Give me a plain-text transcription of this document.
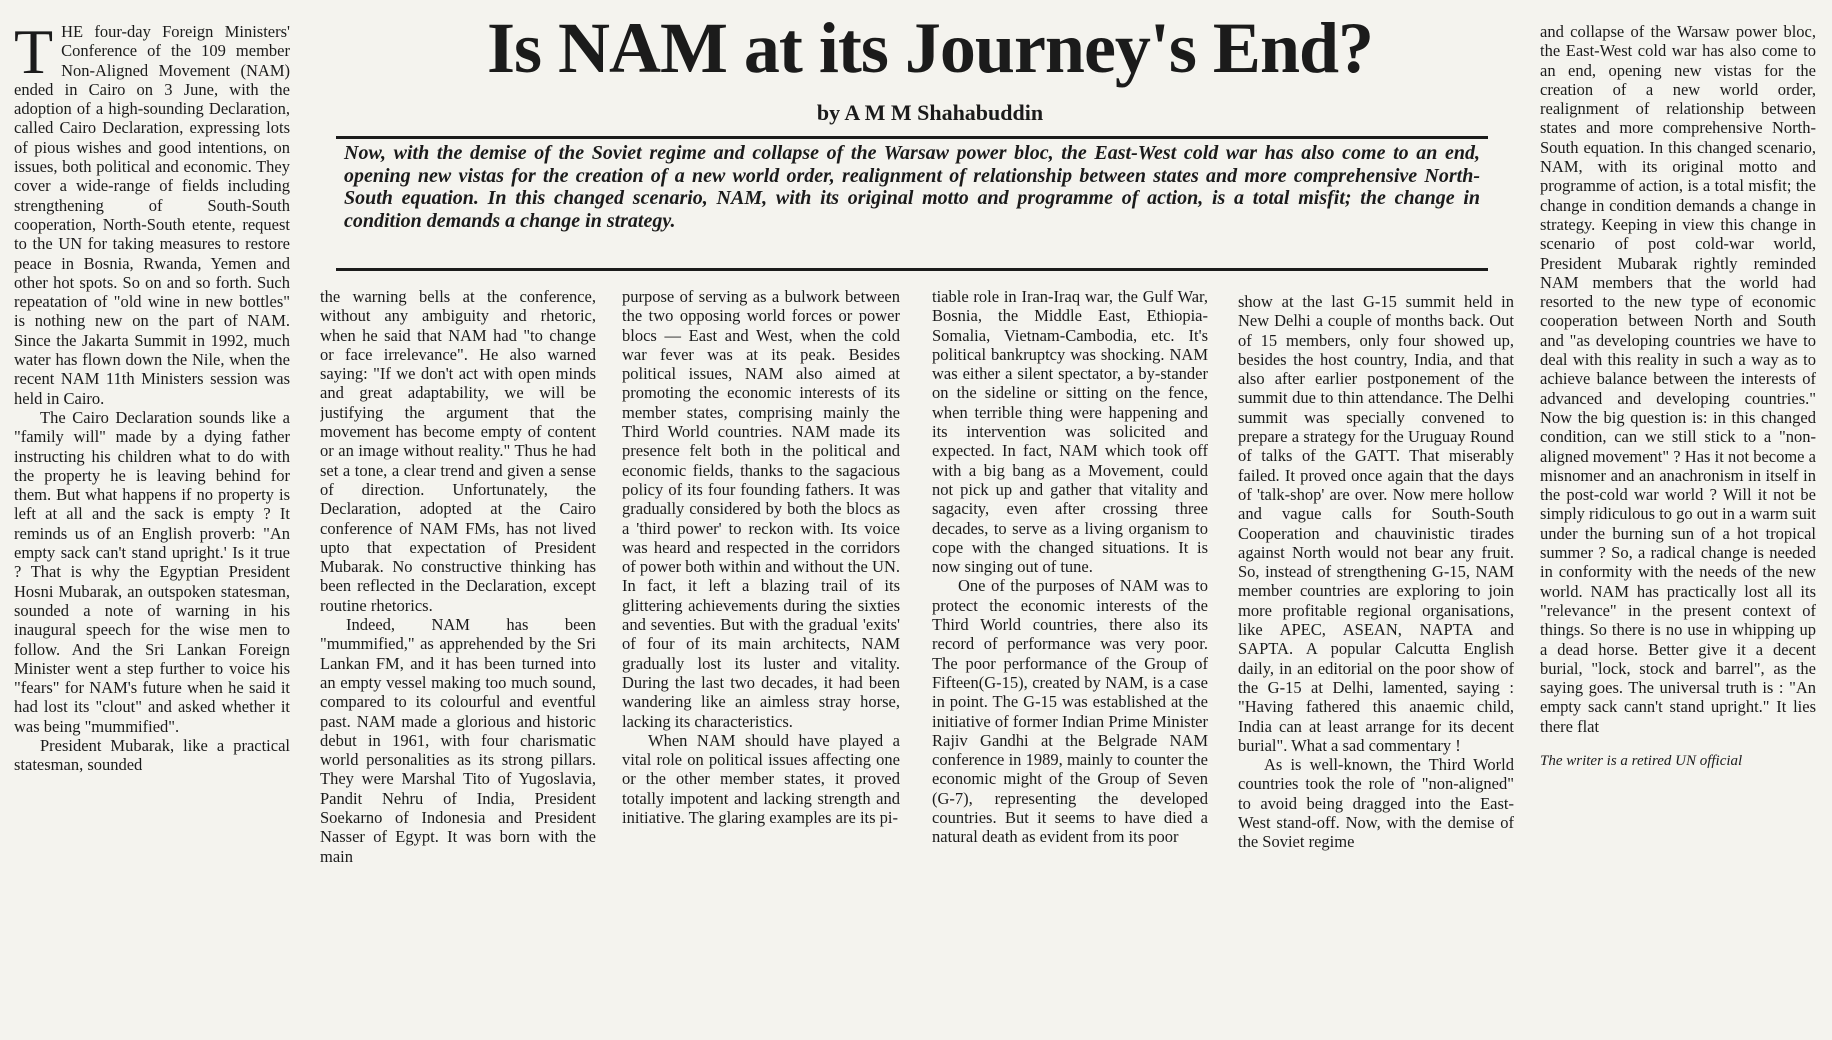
Is NAM at its Journey's End?
by A M M Shahabuddin
Now, with the demise of the Soviet regime and collapse of the Warsaw power bloc, the East-West cold war has also come to an end, opening new vistas for the creation of a new world order, realignment of relationship between states and more comprehensive North-South equation. In this changed scenario, NAM, with its original motto and programme of action, is a total misfit; the change in condition demands a change in strategy.

THE four-day Foreign Ministers' Conference of the 109 member Non-Aligned Movement (NAM) ended in Cairo on 3 June, with the adoption of a high-sounding Declaration, called Cairo Declaration, expressing lots of pious wishes and good intentions, on issues, both political and economic. They cover a wide-range of fields including strengthening of South-South cooperation, North-South etente, request to the UN for taking measures to restore peace in Bosnia, Rwanda, Yemen and other hot spots. So on and so forth. Such repeatation of "old wine in new bottles" is nothing new on the part of NAM. Since the Jakarta Summit in 1992, much water has flown down the Nile, when the recent NAM 11th Ministers session was held in Cairo.

The Cairo Declaration sounds like a "family will" made by a dying father instructing his children what to do with the property he is leaving behind for them. But what happens if no property is left at all and the sack is empty ? It reminds us of an English proverb: "An empty sack can't stand upright.' Is it true ? That is why the Egyptian President Hosni Mubarak, an outspoken statesman, sounded a note of warning in his inaugural speech for the wise men to follow. And the Sri Lankan Foreign Minister went a step further to voice his "fears" for NAM's future when he said it had lost its "clout" and asked whether it was being "mummified".

President Mubarak, like a practical statesman, sounded

the warning bells at the conference, without any ambiguity and rhetoric, when he said that NAM had "to change or face irrelevance". He also warned saying: "If we don't act with open minds and great adaptability, we will be justifying the argument that the movement has become empty of content or an image without reality." Thus he had set a tone, a clear trend and given a sense of direction. Unfortunately, the Declaration, adopted at the Cairo conference of NAM FMs, has not lived upto that expectation of President Mubarak. No constructive thinking has been reflected in the Declaration, except routine rhetorics.

Indeed, NAM has been "mummified," as apprehended by the Sri Lankan FM, and it has been turned into an empty vessel making too much sound, compared to its colourful and eventful past. NAM made a glorious and historic debut in 1961, with four charismatic world personalities as its strong pillars. They were Marshal Tito of Yugoslavia, Pandit Nehru of India, President Soekarno of Indonesia and President Nasser of Egypt. It was born with the main

purpose of serving as a bulwork between the two opposing world forces or power blocs — East and West, when the cold war fever was at its peak. Besides political issues, NAM also aimed at promoting the economic interests of its member states, comprising mainly the Third World countries. NAM made its presence felt both in the political and economic fields, thanks to the sagacious policy of its four founding fathers. It was gradually considered by both the blocs as a 'third power' to reckon with. Its voice was heard and respected in the corridors of power both within and without the UN. In fact, it left a blazing trail of its glittering achievements during the sixties and seventies. But with the gradual 'exits' of four of its main architects, NAM gradually lost its luster and vitality. During the last two decades, it had been wandering like an aimless stray horse, lacking its characteristics.

When NAM should have played a vital role on political issues affecting one or the other member states, it proved totally impotent and lacking strength and initiative. The glaring examples are its pi-

tiable role in Iran-Iraq war, the Gulf War, Bosnia, the Middle East, Ethiopia-Somalia, Vietnam-Cambodia, etc. It's political bankruptcy was shocking. NAM was either a silent spectator, a by-stander on the sideline or sitting on the fence, when terrible thing were happening and its intervention was solicited and expected. In fact, NAM which took off with a big bang as a Movement, could not pick up and gather that vitality and sagacity, even after crossing three decades, to serve as a living organism to cope with the changed situations. It is now singing out of tune.

One of the purposes of NAM was to protect the economic interests of the Third World countries, there also its record of performance was very poor. The poor performance of the Group of Fifteen(G-15), created by NAM, is a case in point. The G-15 was established at the initiative of former Indian Prime Minister Rajiv Gandhi at the Belgrade NAM conference in 1989, mainly to counter the economic might of the Group of Seven (G-7), representing the developed countries. But it seems to have died a natural death as evident from its poor

show at the last G-15 summit held in New Delhi a couple of months back. Out of 15 members, only four showed up, besides the host country, India, and that also after earlier postponement of the summit due to thin attendance. The Delhi summit was specially convened to prepare a strategy for the Uruguay Round of talks of the GATT. That miserably failed. It proved once again that the days of 'talk-shop' are over. Now mere hollow and vague calls for South-South Cooperation and chauvinistic tirades against North would not bear any fruit. So, instead of strengthening G-15, NAM member countries are exploring to join more profitable regional organisations, like APEC, ASEAN, NAPTA and SAPTA. A popular Calcutta English daily, in an editorial on the poor show of the G-15 at Delhi, lamented, saying : "Having fathered this anaemic child, India can at least arrange for its decent burial". What a sad commentary !

As is well-known, the Third World countries took the role of "non-aligned" to avoid being dragged into the East-West stand-off. Now, with the demise of the Soviet regime

and collapse of the Warsaw power bloc, the East-West cold war has also come to an end, opening new vistas for the creation of a new world order, realignment of relationship between states and more comprehensive North-South equation. In this changed scenario, NAM, with its original motto and programme of action, is a total misfit; the change in condition demands a change in strategy. Keeping in view this change in scenario of post cold-war world, President Mubarak rightly reminded NAM members that the world had resorted to the new type of economic cooperation between North and South and "as developing countries we have to deal with this reality in such a way as to achieve balance between the interests of advanced and developing countries." Now the big question is: in this changed condition, can we still stick to a "non-aligned movement" ? Has it not become a misnomer and an anachronism in itself in the post-cold war world ? Will it not be simply ridiculous to go out in a warm suit under the burning sun of a hot tropical summer ? So, a radical change is needed in conformity with the needs of the new world. NAM has practically lost all its "relevance" in the present context of things. So there is no use in whipping up a dead horse. Better give it a decent burial, "lock, stock and barrel", as the saying goes. The universal truth is : "An empty sack cann't stand upright." It lies there flat

The writer is a retired UN official
